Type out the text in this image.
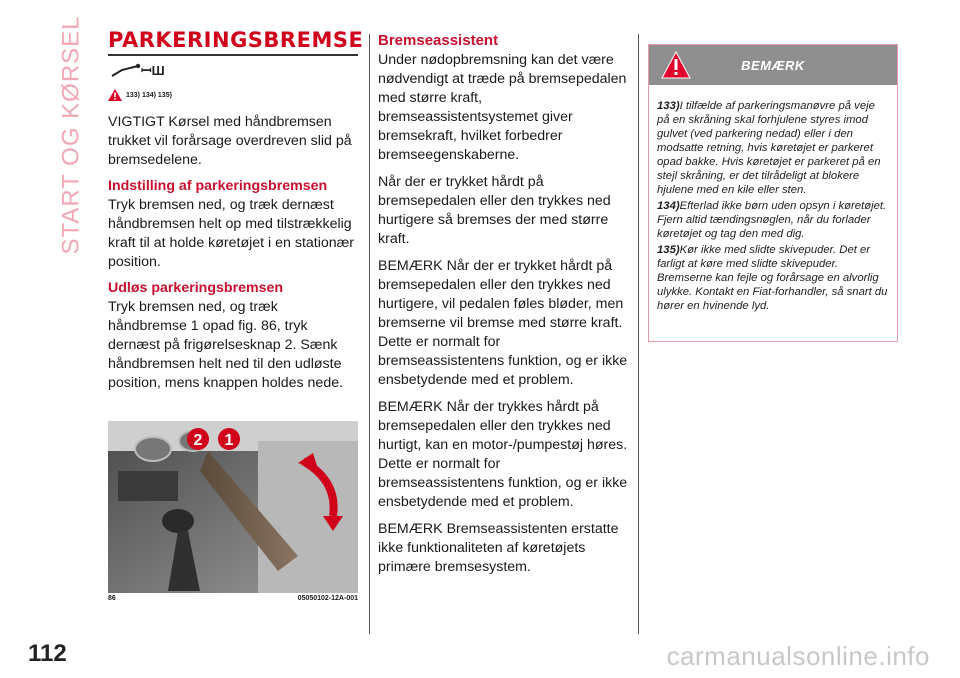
START OG KØRSEL PARKERINGSBREMSE
ꟷШ
133) 134) 135)

VIGTIGT Kørsel med håndbremsen trukket vil forårsage overdreven slid på bremsedelene.

Indstilling af parkeringsbremsen

Tryk bremsen ned, og træk dernæst håndbremsen helt op med tilstrækkelig kraft til at holde køretøjet i en stationær position.

Udløs parkeringsbremsen

Tryk bremsen ned, og træk håndbremse 1 opad fig. 86, tryk dernæst på frigørelsesknap 2. Sænk håndbremsen helt ned til den udløste position, mens knappen holdes nede.

2 1
86	05050102-12A-001
Bremseassistent

Under nødopbremsning kan det være nødvendigt at træde på bremsepedalen med større kraft, bremseassistentsystemet giver bremsekraft, hvilket forbedrer bremseegenskaberne.

Når der er trykket hårdt på bremsepedalen eller den trykkes ned hurtigere så bremses der med større kraft.

BEMÆRK Når der er trykket hårdt på bremsepedalen eller den trykkes ned hurtigere, vil pedalen føles bløder, men bremserne vil bremse med større kraft. Dette er normalt for bremseassistentens funktion, og er ikke ensbetydende med et problem.

BEMÆRK Når der trykkes hårdt på bremsepedalen eller den trykkes ned hurtigt, kan en motor-/pumpestøj høres. Dette er normalt for bremseassistentens funktion, og er ikke ensbetydende med et problem.

BEMÆRK Bremseassistenten erstatte ikke funktionaliteten af køretøjets primære bremsesystem.

BEMÆRK
133)I tilfælde af parkeringsmanøvre på veje på en skråning skal forhjulene styres imod gulvet (ved parkering nedad) eller i den modsatte retning, hvis køretøjet er parkeret opad bakke. Hvis køretøjet er parkeret på en stejl skråning, er det tilrådeligt at blokere hjulene med en kile eller sten.
134)Efterlad ikke børn uden opsyn i køretøjet. Fjern altid tændingsnøglen, når du forlader køretøjet og tag den med dig.
135)Kør ikke med slidte skivepuder. Det er farligt at køre med slidte skivepuder. Bremserne kan fejle og forårsage en alvorlig ulykke. Kontakt en Fiat-forhandler, så snart du hører en hvinende lyd.
112	carmanualsonline.info
